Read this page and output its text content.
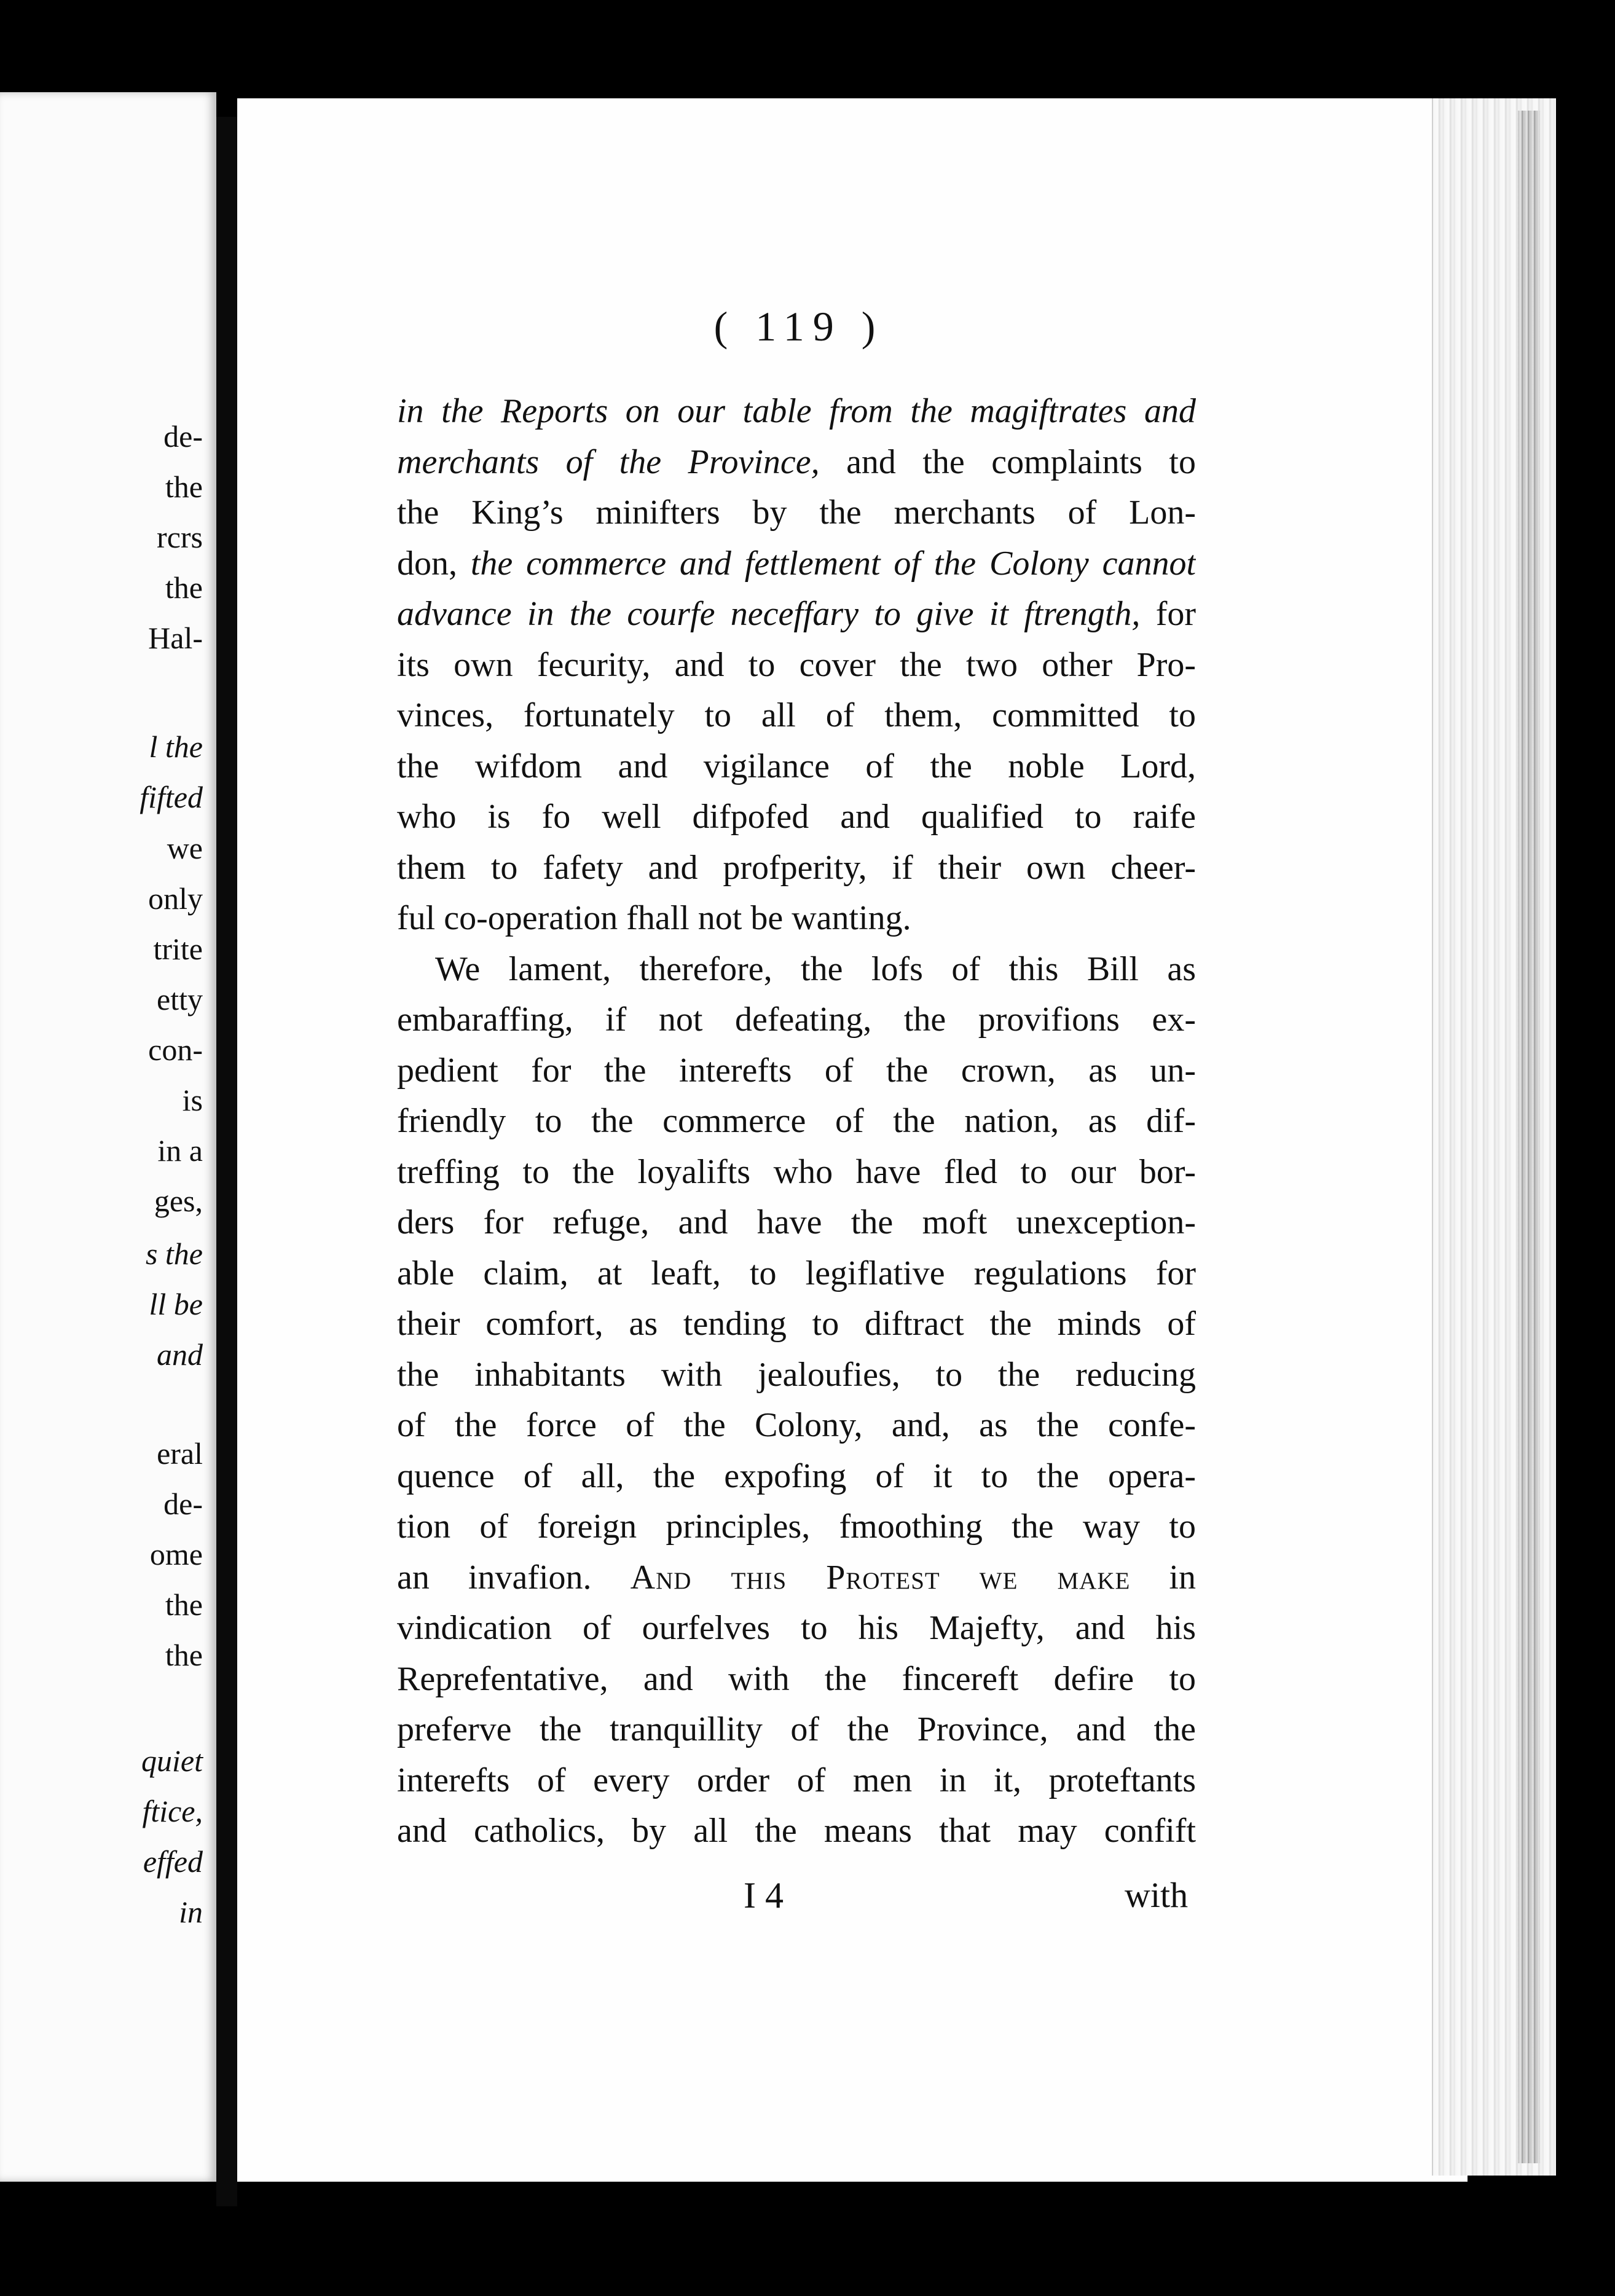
de-
the
rcrs
the
Hal-
l the
fifted
we
only
trite
etty
con-
is
in a
ges,
s the
ll be
and
eral
de-
ome
the
the
quiet
ftice,
effed
in
( 119 )
in the Reports on our table from the magiftrates and
merchants of the Province, and the complaints to
the King’s minifters by the merchants of Lon-
don, the commerce and fettlement of the Colony cannot
advance in the courfe neceffary to give it ftrength, for
its own fecurity, and to cover the two other Pro-
vinces, fortunately to all of them, committed to
the wifdom and vigilance of the noble Lord,
who is fo well difpofed and qualified to raife
them to fafety and profperity, if their own cheer-
ful co-operation fhall not be wanting.
We lament, therefore, the lofs of this Bill as
embaraffing, if not defeating, the provifions ex-
pedient for the interefts of the crown, as un-
friendly to the commerce of the nation, as dif-
treffing to the loyalifts who have fled to our bor-
ders for refuge, and have the moft unexception-
able claim, at leaft, to legiflative regulations for
their comfort, as tending to diftract the minds of
the inhabitants with jealoufies, to the reducing
of the force of the Colony, and, as the confe-
quence of all, the expofing of it to the opera-
tion of foreign principles, fmoothing the way to
an invafion. And this Protest we make in
vindication of ourfelves to his Majefty, and his
Reprefentative, and with the fincereft defire to
preferve the tranquillity of the Province, and the
interefts of every order of men in it, proteftants
and catholics, by all the means that may confift
I 4	with
